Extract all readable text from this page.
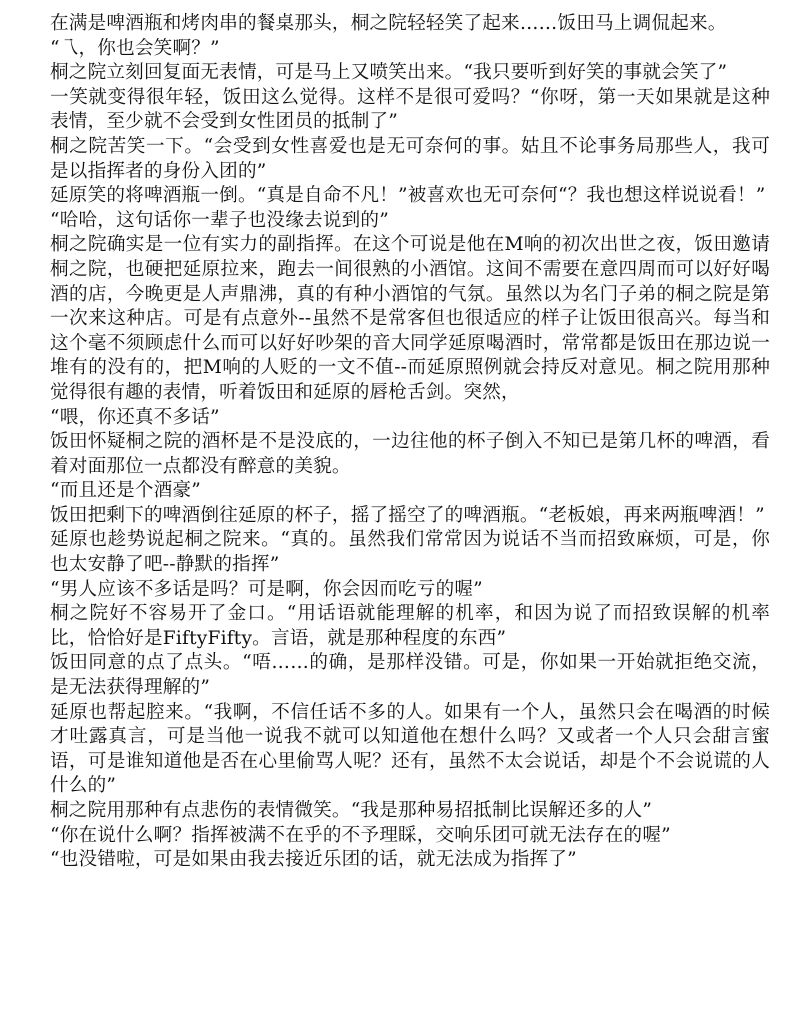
在满是啤酒瓶和烤肉串的餐桌那头，桐之院轻轻笑了起来……饭田马上调侃起来。

“乁，你也会笑啊？”

桐之院立刻回复面无表情，可是马上又喷笑出来。“我只要听到好笑的事就会笑了”

一笑就变得很年轻，饭田这么觉得。这样不是很可爱吗？“你呀，第一天如果就是这种表情，至少就不会受到女性团员的抵制了”

桐之院苦笑一下。“会受到女性喜爱也是无可奈何的事。姑且不论事务局那些人，我可是以指挥者的身份入团的”

延原笑的将啤酒瓶一倒。“真是自命不凡！”被喜欢也无可奈何“？我也想这样说说看！”

“哈哈，这句话你一辈子也没缘去说到的”

桐之院确实是一位有实力的副指挥。在这个可说是他在M响的初次出世之夜，饭田邀请桐之院，也硬把延原拉来，跑去一间很熟的小酒馆。这间不需要在意四周而可以好好喝酒的店，今晚更是人声鼎沸，真的有种小酒馆的气氛。虽然以为名门子弟的桐之院是第一次来这种店。可是有点意外--虽然不是常客但也很适应的样子让饭田很高兴。每当和这个毫不须顾虑什么而可以好好吵架的音大同学延原喝酒时，常常都是饭田在那边说一堆有的没有的，把M响的人贬的一文不值--而延原照例就会持反对意见。桐之院用那种觉得很有趣的表情，听着饭田和延原的唇枪舌剑。突然，

“喂，你还真不多话”

饭田怀疑桐之院的酒杯是不是没底的，一边往他的杯子倒入不知已是第几杯的啤酒，看着对面那位一点都没有醉意的美貌。

“而且还是个酒豪”

饭田把剩下的啤酒倒往延原的杯子，摇了摇空了的啤酒瓶。“老板娘，再来两瓶啤酒！”

延原也趁势说起桐之院来。“真的。虽然我们常常因为说话不当而招致麻烦，可是，你也太安静了吧--静默的指挥”

“男人应该不多话是吗？可是啊，你会因而吃亏的喔”

桐之院好不容易开了金口。“用话语就能理解的机率，和因为说了而招致误解的机率比，恰恰好是FiftyFifty。言语，就是那种程度的东西”

饭田同意的点了点头。“唔……的确，是那样没错。可是，你如果一开始就拒绝交流，是无法获得理解的”

延原也帮起腔来。“我啊，不信任话不多的人。如果有一个人，虽然只会在喝酒的时候才吐露真言，可是当他一说我不就可以知道他在想什么吗？又或者一个人只会甜言蜜语，可是谁知道他是否在心里偷骂人呢？还有，虽然不太会说话，却是个不会说谎的人什么的”

桐之院用那种有点悲伤的表情微笑。“我是那种易招抵制比误解还多的人”

“你在说什么啊？指挥被满不在乎的不予理睬，交响乐团可就无法存在的喔”

“也没错啦，可是如果由我去接近乐团的话，就无法成为指挥了”
